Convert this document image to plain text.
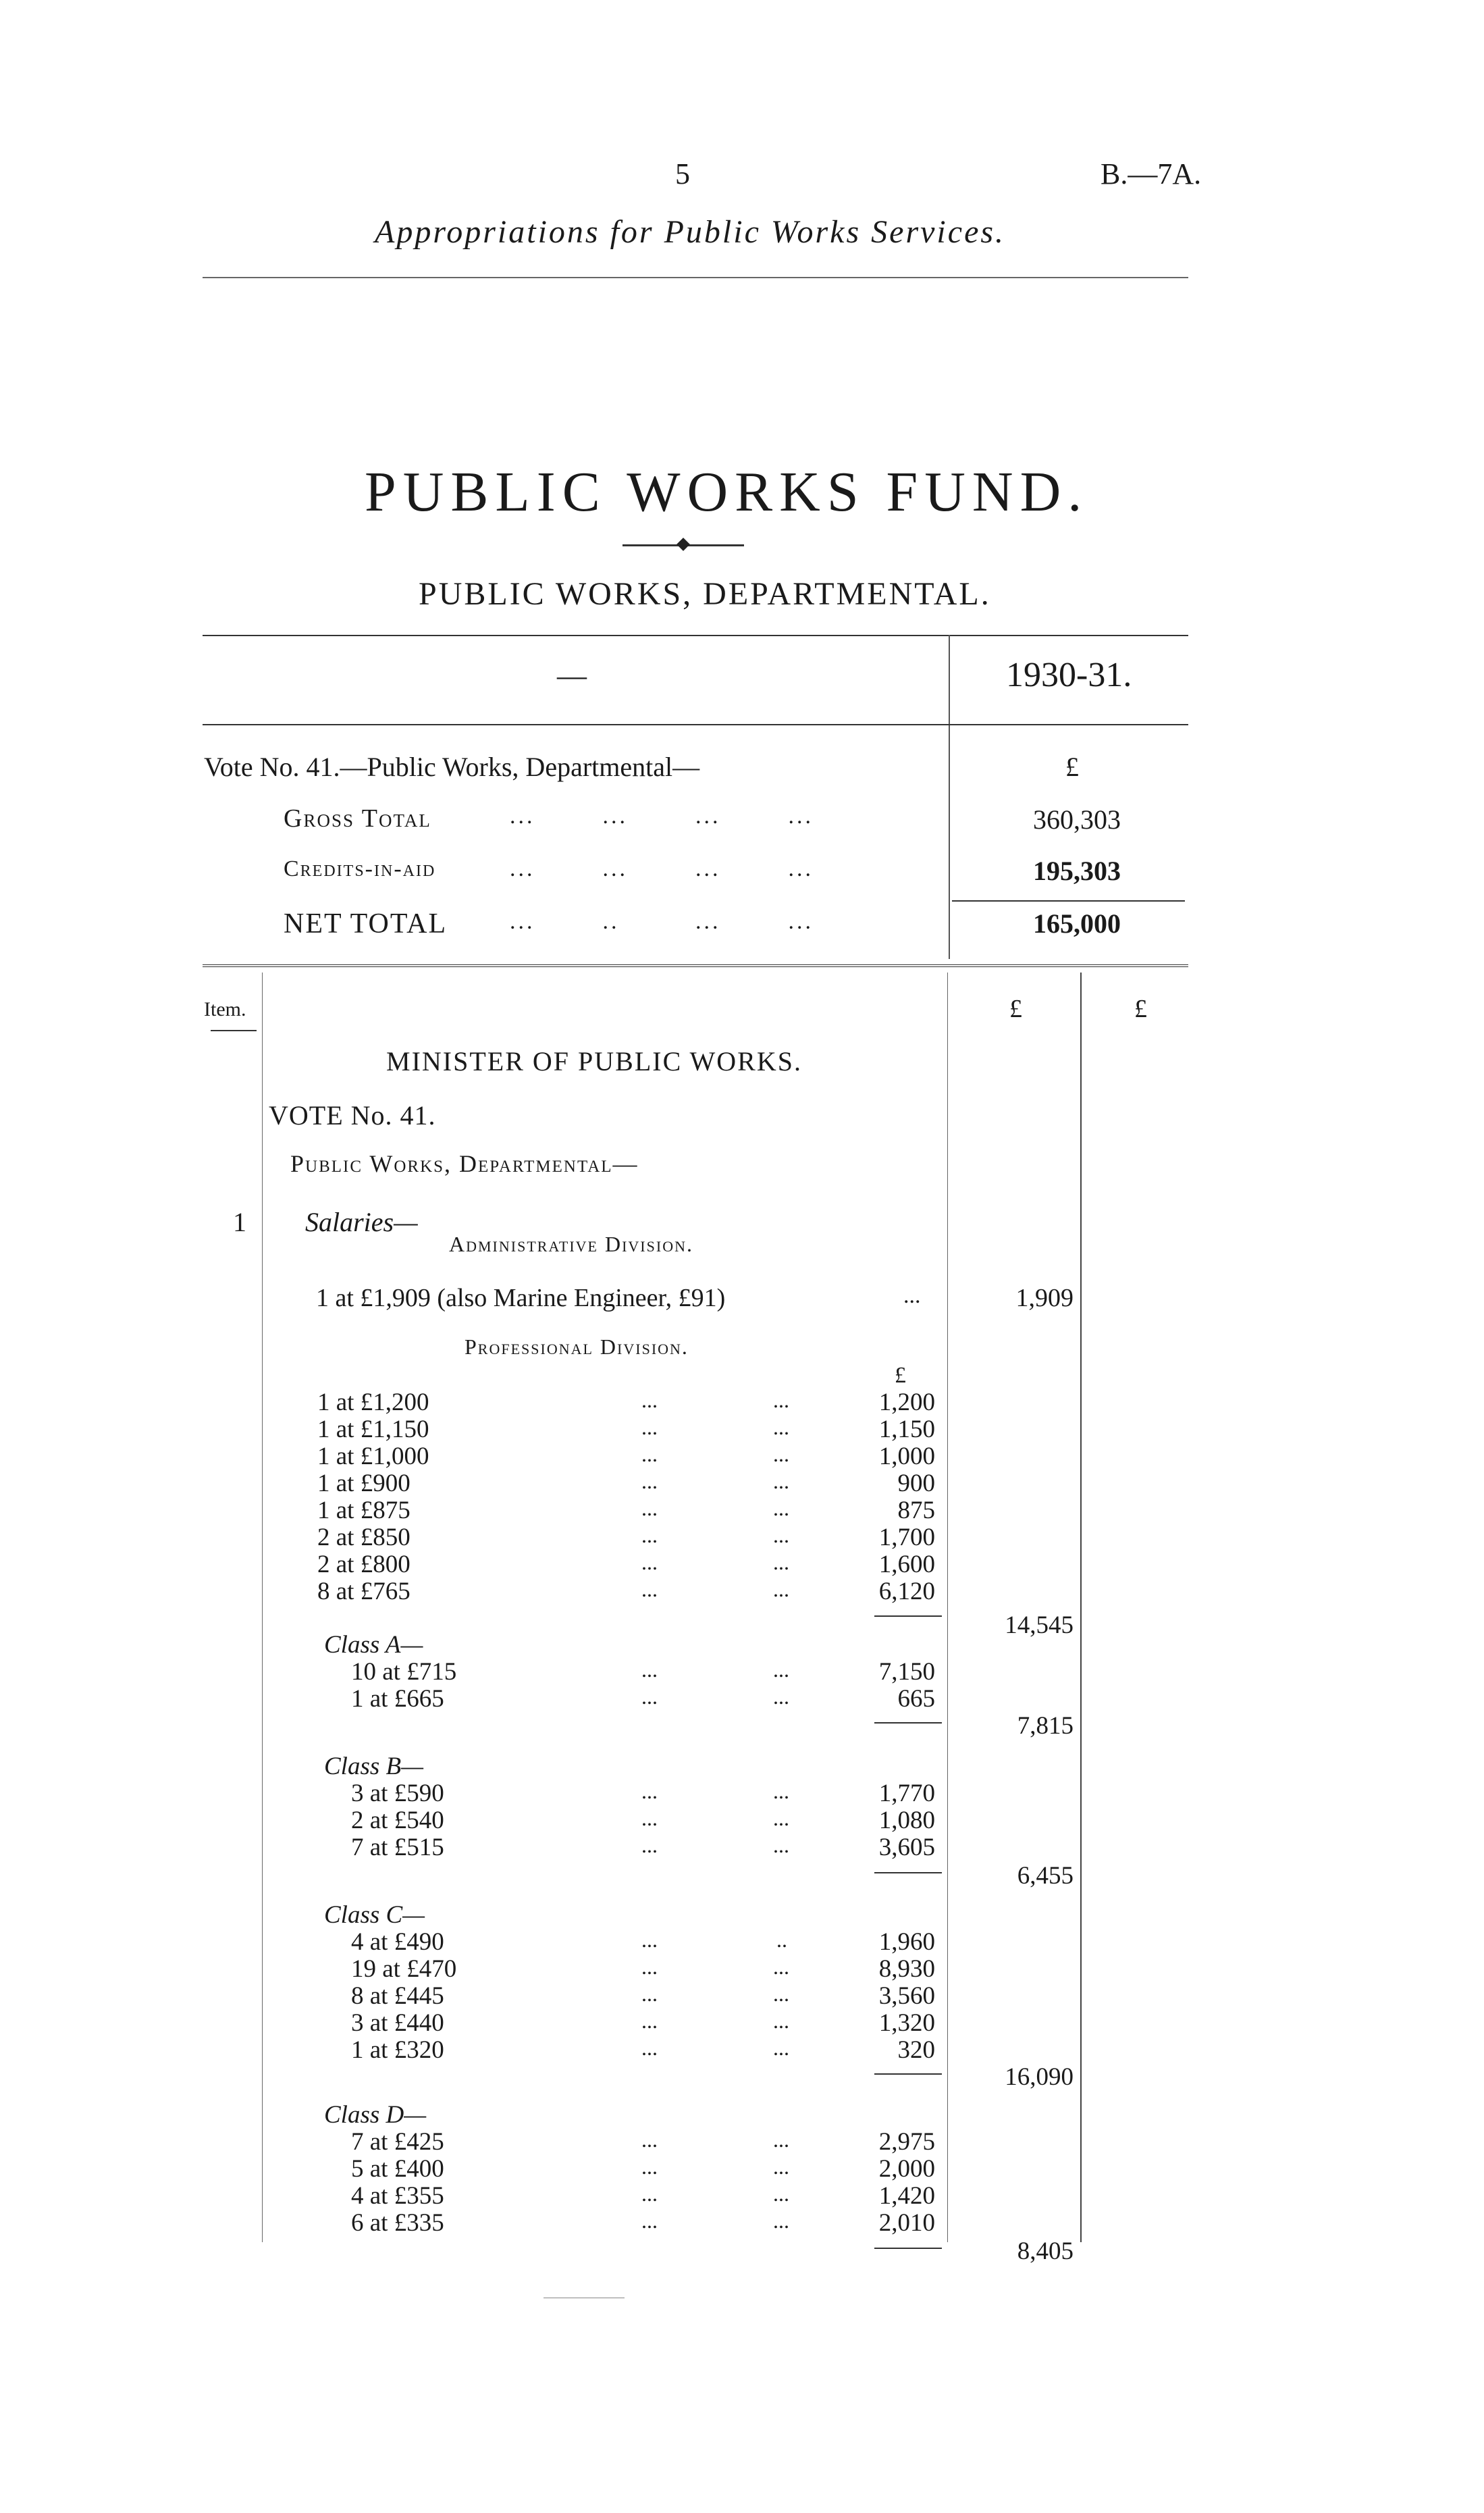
5	B.—7A.
Appropriations for Public Works Services.
PUBLIC WORKS FUND.
PUBLIC WORKS, DEPARTMENTAL.
—	1930-31.
Vote No. 41.—Public Works, Departmental—	£
Gross Total	...        ...        ...        ...	360,303
Credits-in-aid	...        ...        ...        ...	195,303
NET TOTAL	...        ..         ...        ...	165,000
Item.	£	£
MINISTER OF PUBLIC WORKS.
VOTE No. 41.
Public Works, Departmental—
1 Salaries—
Administrative Division.
1 at £1,909 (also Marine Engineer, £91)	...	1,909
Professional Division.
£
1 at £1,200	...	...	1,200
1 at £1,150	...	...	1,150
1 at £1,000	...	...	1,000
1 at £900	...	...	900
1 at £875	...	...	875
2 at £850	...	...	1,700
2 at £800	...	...	1,600
8 at £765	...	...	6,120
14,545
Class A—
10 at £715	...	...	7,150
1 at £665	...	...	665
7,815
Class B—
3 at £590	...	...	1,770
2 at £540	...	...	1,080
7 at £515	...	...	3,605
6,455
Class C—
4 at £490	...	..	1,960
19 at £470	...	...	8,930
8 at £445	...	...	3,560
3 at £440	...	...	1,320
1 at £320	...	...	320
16,090
Class D—
7 at £425	...	...	2,975
5 at £400	...	...	2,000
4 at £355	...	...	1,420
6 at £335	...	...	2,010
8,405
